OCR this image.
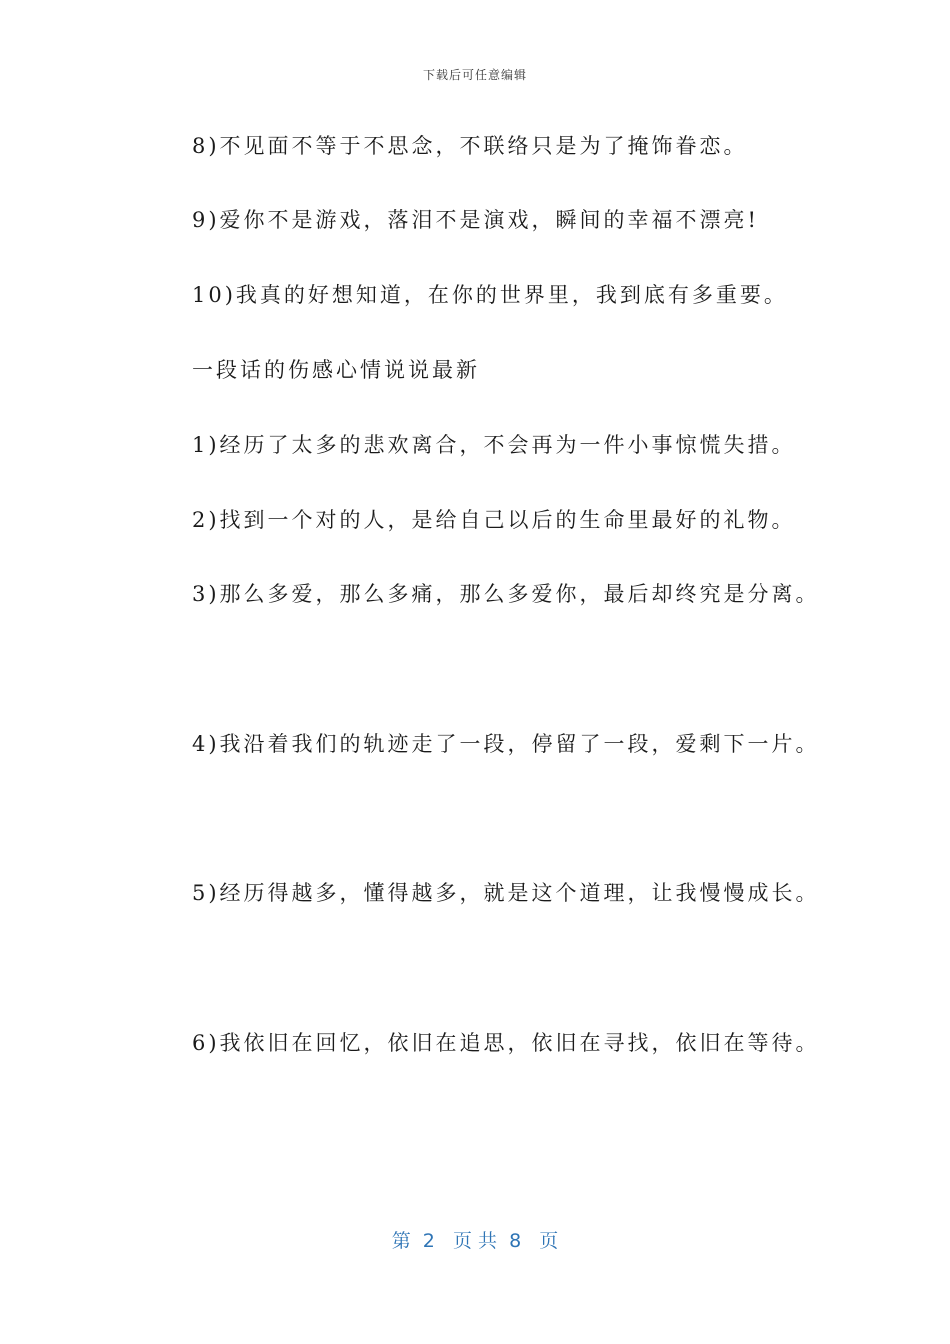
下载后可任意编辑
8)不见面不等于不思念，不联络只是为了掩饰眷恋。
9)爱你不是游戏，落泪不是演戏，瞬间的幸福不漂亮!
10)我真的好想知道，在你的世界里，我到底有多重要。
一段话的伤感心情说说最新
1)经历了太多的悲欢离合，不会再为一件小事惊慌失措。
2)找到一个对的人，是给自己以后的生命里最好的礼物。
3)那么多爱，那么多痛，那么多爱你，最后却终究是分离。
4)我沿着我们的轨迹走了一段，停留了一段，爱剩下一片。
5)经历得越多，懂得越多，就是这个道理，让我慢慢成长。
6)我依旧在回忆，依旧在追思，依旧在寻找，依旧在等待。
第  2   页 共  8   页
